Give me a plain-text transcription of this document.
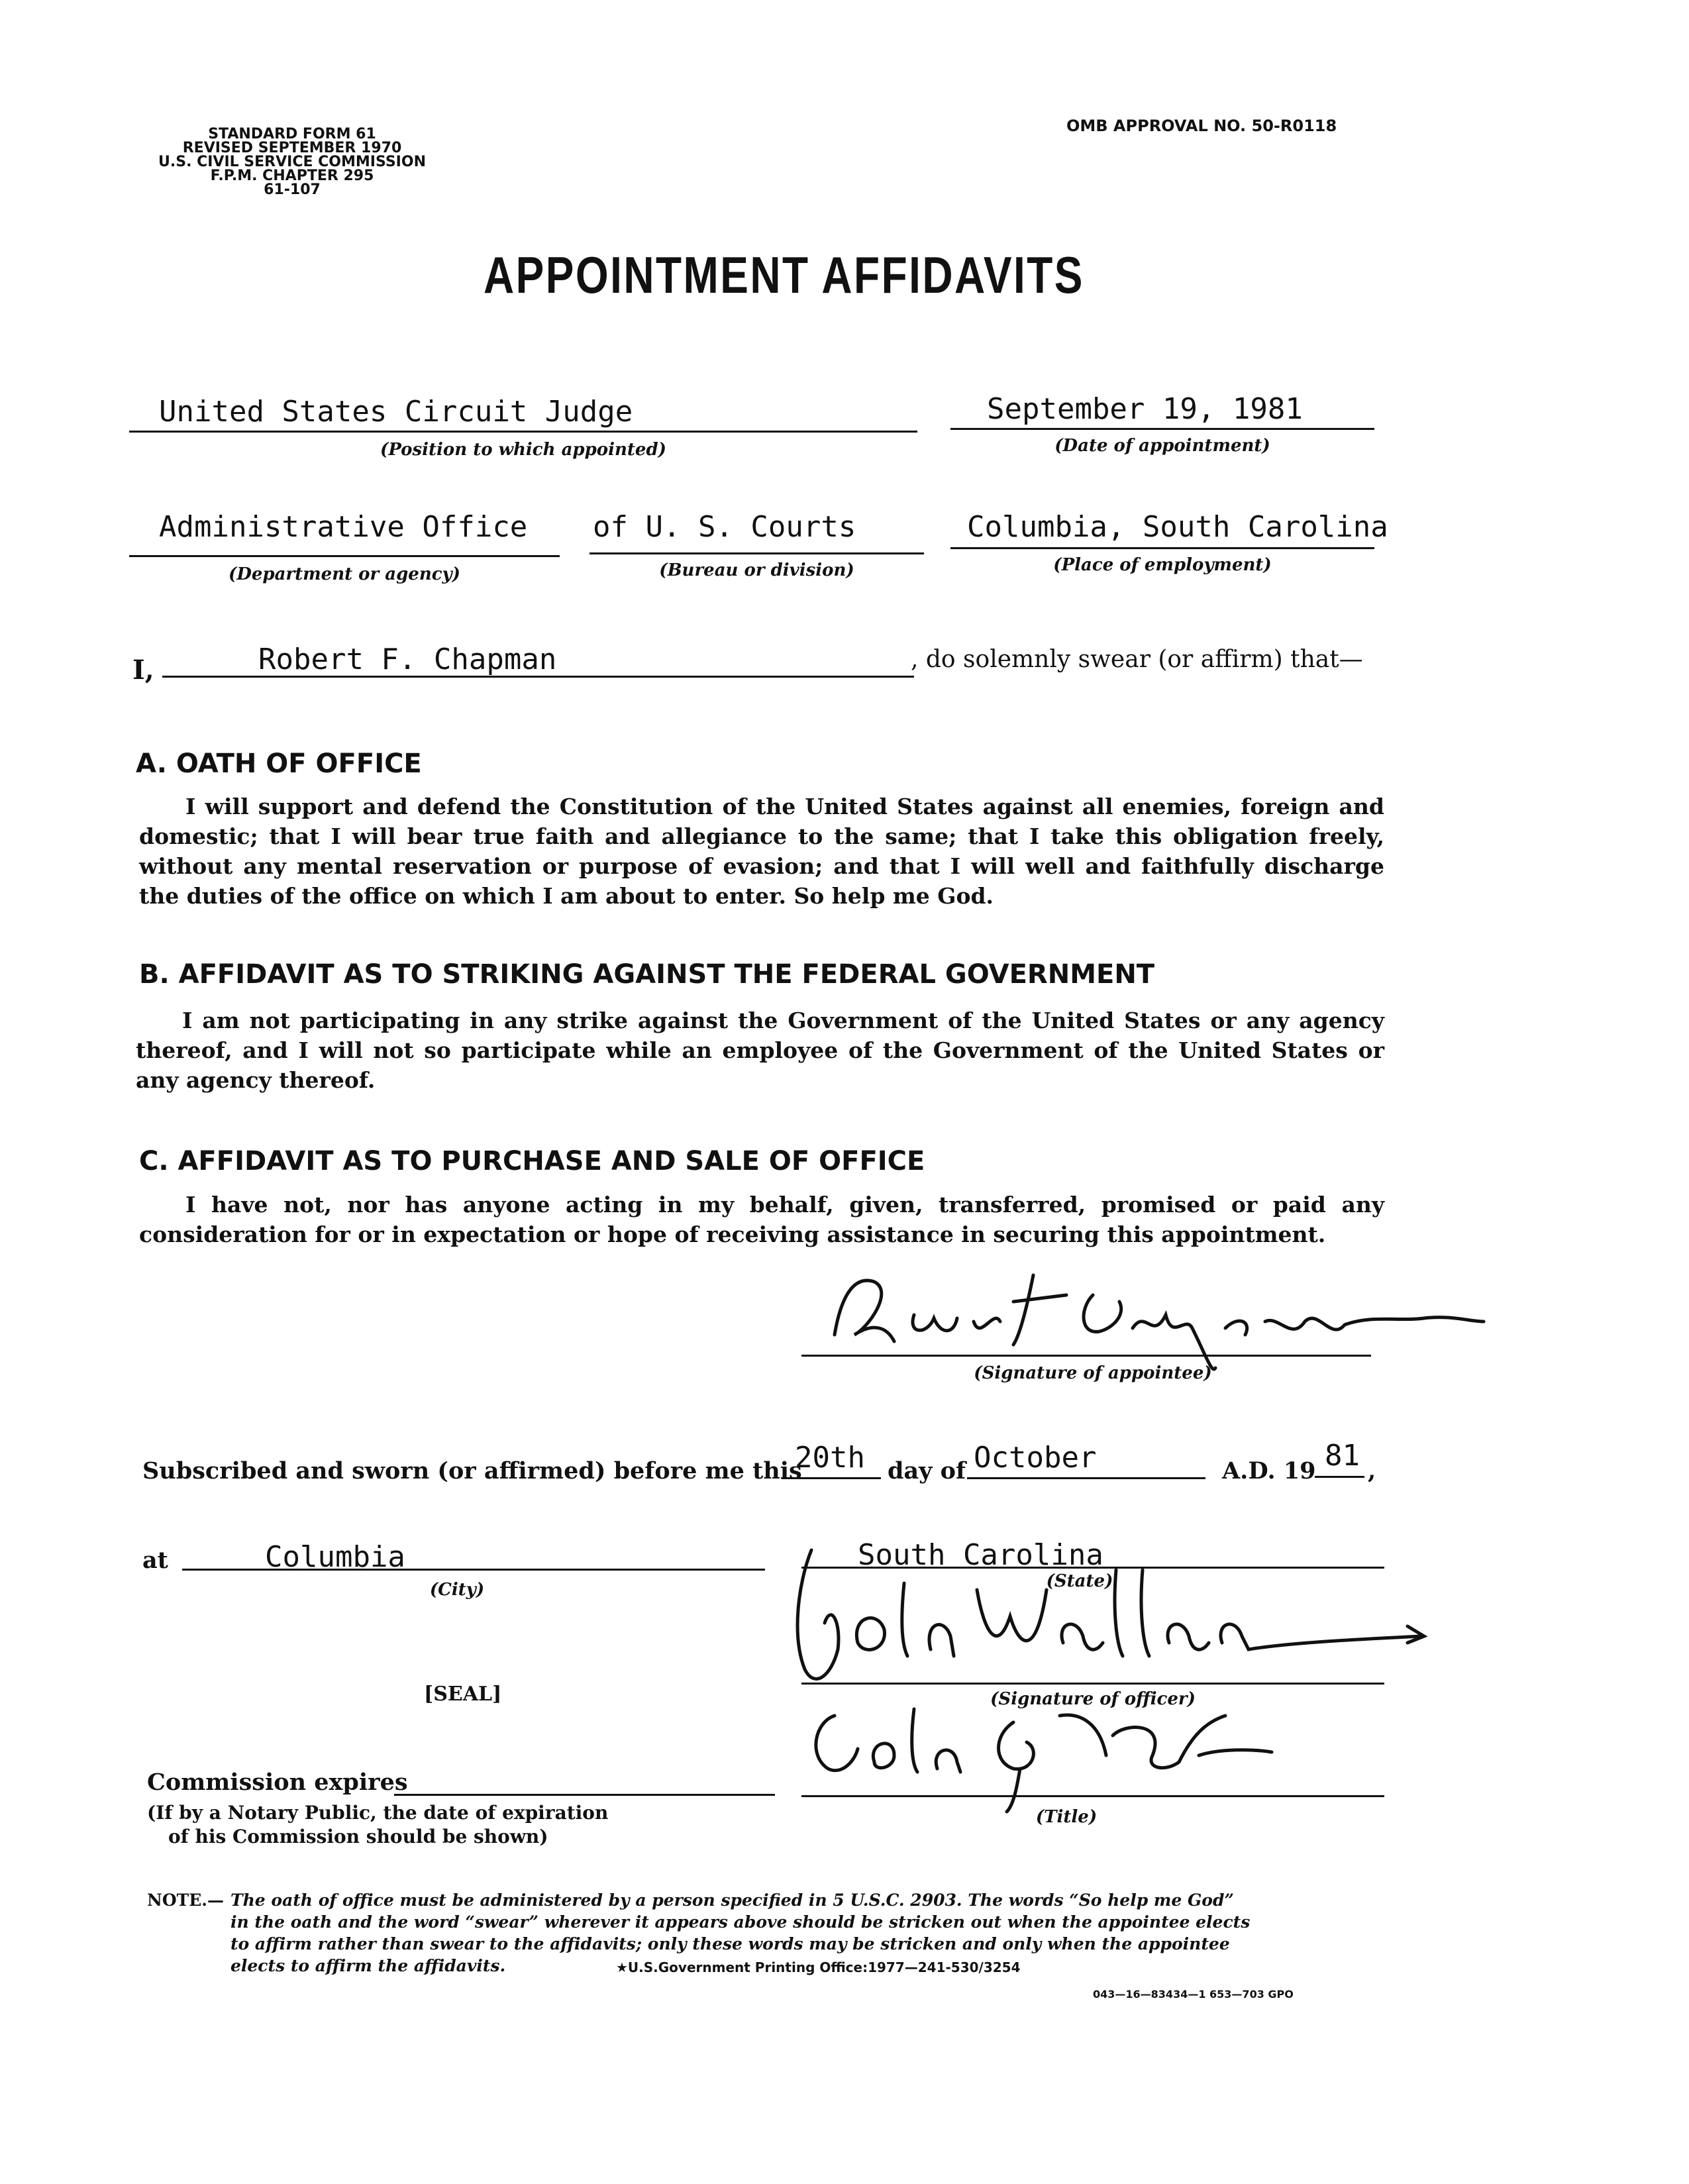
STANDARD FORM 61
REVISED SEPTEMBER 1970
U.S. CIVIL SERVICE COMMISSION
F.P.M. CHAPTER 295
61-107
OMB APPROVAL NO. 50-R0118
APPOINTMENT AFFIDAVITS
United States Circuit Judge
(Position to which appointed)
September 19, 1981
(Date of appointment)
Administrative Office
(Department or agency)
of U. S. Courts
(Bureau or division)
Columbia, South Carolina
(Place of employment)
I,	Robert F. Chapman	, do solemnly swear (or affirm) that—
A. OATH OF OFFICE
I will support and defend the Constitution of the United States against all enemies, foreign and domestic; that I will bear true faith and allegiance to the same; that I take this obligation freely, without any mental reservation or purpose of evasion; and that I will well and faithfully discharge the duties of the office on which I am about to enter. So help me God.
B. AFFIDAVIT AS TO STRIKING AGAINST THE FEDERAL GOVERNMENT
I am not participating in any strike against the Government of the United States or any agency thereof, and I will not so participate while an employee of the Government of the United States or any agency thereof.
C. AFFIDAVIT AS TO PURCHASE AND SALE OF OFFICE
I have not, nor has anyone acting in my behalf, given, transferred, promised or paid any consideration for or in expectation or hope of receiving assistance in securing this appointment.
(Signature of appointee)
Subscribed and sworn (or affirmed) before me this
20th day of October	A.D. 19 81 ,
at	Columbia
(City)
South Carolina
(State)
(Signature of officer)
[SEAL]
(Title)
Commission expires
(If by a Notary Public, the date of expiration
of his Commission should be shown)
NOTE.— The oath of office must be administered by a person specified in 5 U.S.C. 2903. The words “So help me God”
in the oath and the word “swear” wherever it appears above should be stricken out when the appointee elects
to affirm rather than swear to the affidavits; only these words may be stricken and only when the appointee
elects to affirm the affidavits.	★U.S.Government Printing Office:1977—241-530/3254
043—16—83434—1 653—703 GPO
